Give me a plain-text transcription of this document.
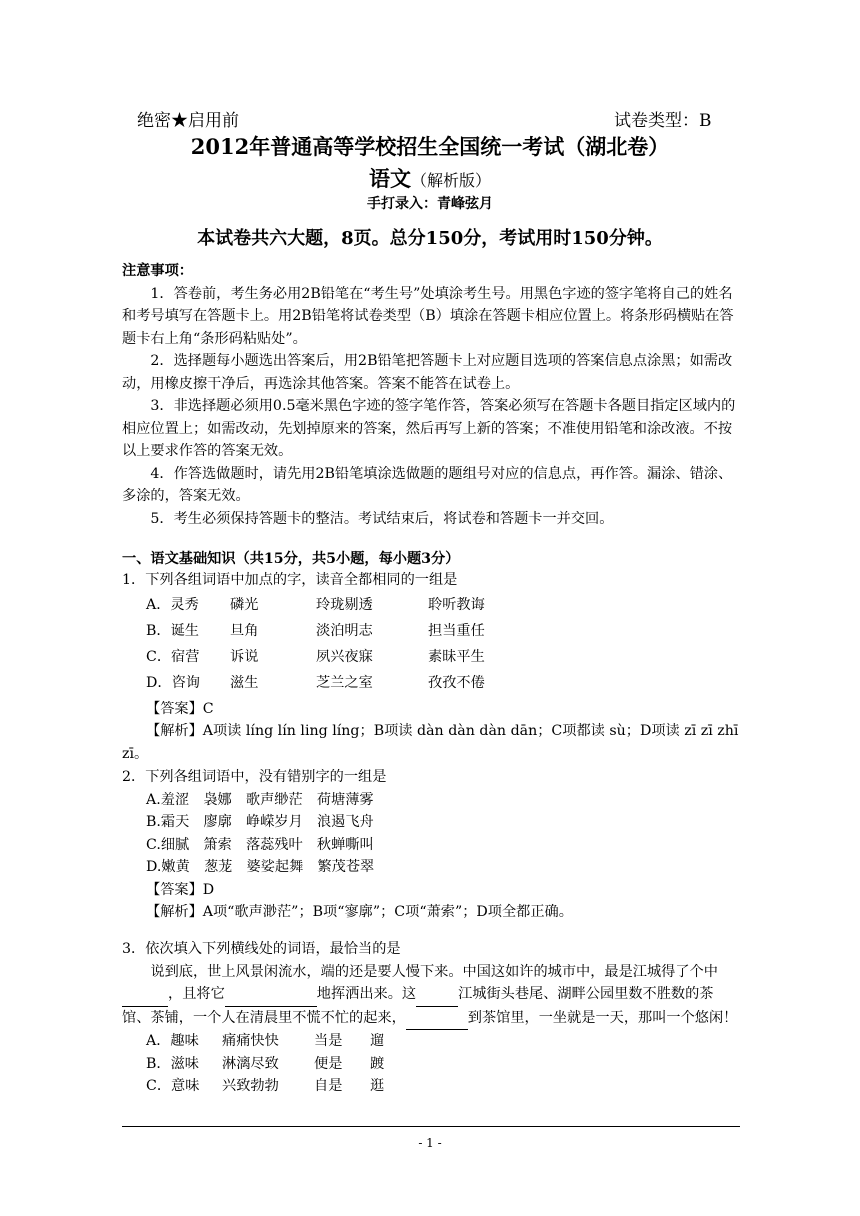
绝密★启用前	试卷类型：B
2012年普通高等学校招生全国统一考试（湖北卷）
语文（解析版）
手打录入：青峰弦月
本试卷共六大题，8页。总分150分，考试用时150分钟。

注意事项：

1．答卷前，考生务必用2B铅笔在“考生号”处填涂考生号。用黑色字迹的签字笔将自己的姓名和考号填写在答题卡上。用2B铅笔将试卷类型（B）填涂在答题卡相应位置上。将条形码横贴在答题卡右上角“条形码粘贴处”。

2．选择题每小题选出答案后，用2B铅笔把答题卡上对应题目选项的答案信息点涂黑；如需改动，用橡皮擦干净后，再选涂其他答案。答案不能答在试卷上。

3．非选择题必须用0.5毫米黑色字迹的签字笔作答，答案必须写在答题卡各题目指定区域内的相应位置上；如需改动，先划掉原来的答案，然后再写上新的答案；不准使用铅笔和涂改液。不按以上要求作答的答案无效。

4．作答选做题时，请先用2B铅笔填涂选做题的题组号对应的信息点，再作答。漏涂、错涂、多涂的，答案无效。

5．考生必须保持答题卡的整洁。考试结束后，将试卷和答题卡一并交回。

一、语文基础知识（共15分，共5小题，每小题3分）

1．下列各组词语中加点的字，读音全都相同的一组是

A．灵秀	磷光	玲珑剔透	聆听教诲
B．诞生	旦角	淡泊明志	担当重任
C．宿营	诉说	夙兴夜寐	素昧平生
D．咨询	滋生	芝兰之室	孜孜不倦

【答案】C

【解析】A项读 líng lín ling líng；B项读 dàn dàn dàn dān；C项都读 sù；D项读 zī zī zhī zī。

2．下列各组词语中，没有错别字的一组是

A.羞涩　袅娜　歌声缈茫　荷塘薄雾

B.霜天　廖廓　峥嵘岁月　浪遏飞舟

C.细腻　箫索　落蕊残叶　秋蝉嘶叫

D.嫩黄　葱茏　婆娑起舞　繁茂苍翠

【答案】D

【解析】A项“歌声渺茫”；B项“寥廓”；C项“萧索”；D项全都正确。

3．依次填入下列横线处的词语，最恰当的是

说到底，世上风景闲流水，端的还是要人慢下来。中国这如许的城市中，最是江城得了个中 ，且将它	地挥洒出来。这	江城街头巷尾、湖畔公园里数不胜数的茶馆、茶铺，一个人在清晨里不慌不忙的起来，	到茶馆里，一坐就是一天，那叫一个悠闲！

A．趣味	痛痛快快	当是	遛
B．滋味	淋漓尽致	便是	踱
C．意味	兴致勃勃	自是	逛
- 1 -
